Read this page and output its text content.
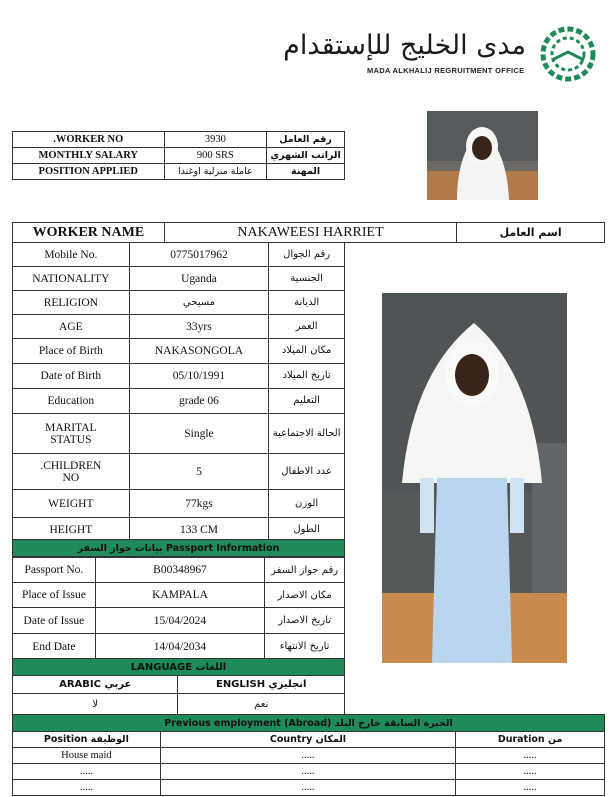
مدى الخليج للإستقدام
MADA ALKHALIJ REGRUITMENT OFFICE
.WORKER NO	3930	رقم العامل
MONTHLY SALARY	900 SRS	الراتب الشهري
POSITION APPLIED	عاملة منزلية اوغندا	المهنة
WORKER NAME	NAKAWEESI HARRIET	اسم العامل
Mobile No.	0775017962	رقم الجوال
NATIONALITY	Uganda	الجنسية
RELIGION	مسيحي	الديانة
AGE	33yrs	العمر
Place of Birth	NAKASONGOLA	مكان الميلاد
Date of Birth	05/10/1991	تاريخ الميلاد
Education	grade 06	التعليم
MARITAL
STATUS	Single	الحالة الاجتماعية
.CHILDREN
NO	5	عدد الاطفال
WEIGHT	77kgs	الوزن
HEIGHT	133 CM	الطول
بيانات جواز السفر Passport Information
Passport No.	B00348967	رقم جواز السفر
Place of Issue	KAMPALA	مكان الاصدار
Date of Issue	15/04/2024	تاريخ الاصدار
End Date	14/04/2034	تاريخ الانتهاء
LANGUAGE اللغات	
ARABIC عربي	ENGLISH انجليزي
لا	نعم
Previous employment (Abroad) الخبرة السابقة خارج البلد		
Position الوظيفة	Country المكان	Duration من
House maid	.....	.....
.....	.....	.....
.....	.....	.....
